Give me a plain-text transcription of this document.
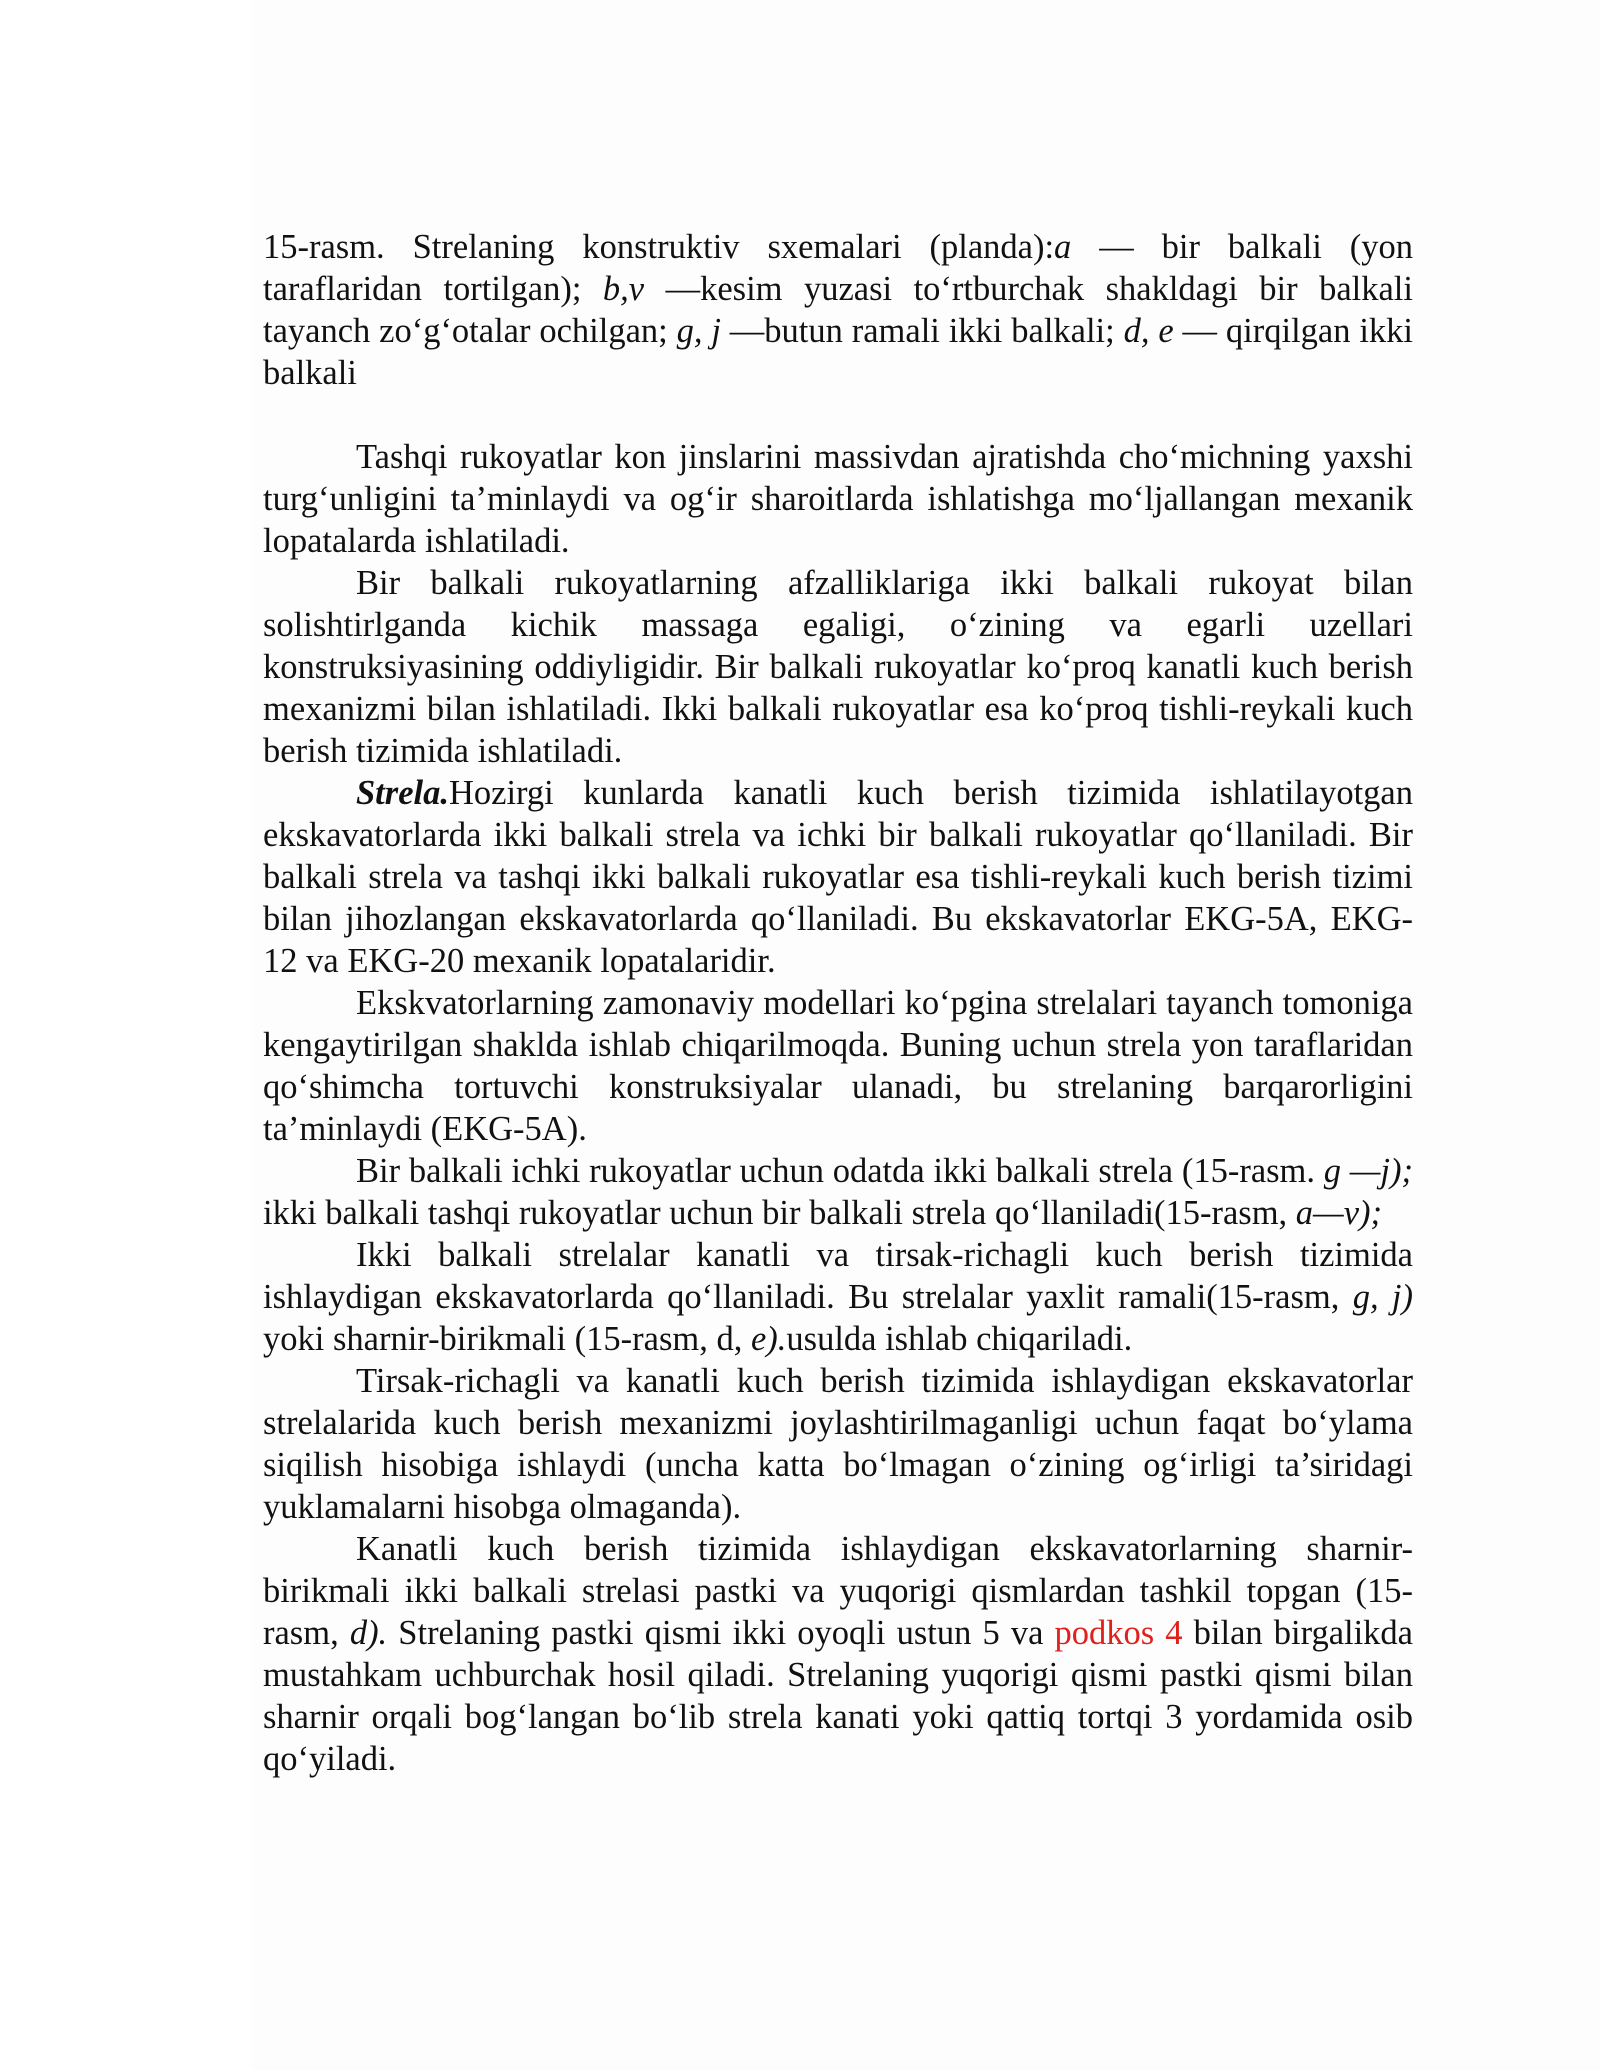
15-rasm. Strelaning konstruktiv sxemalari (planda):a — bir balkali (yon taraflaridan tortilgan); b,v —kesim yuzasi to‘rtburchak shakldagi bir balkali tayanch zo‘g‘otalar ochilgan; g, j —butun ramali ikki balkali; d, e — qirqilgan ikki balkali

Tashqi rukoyatlar kon jinslarini massivdan ajratishda cho‘michning yaxshi turg‘unligini ta’minlaydi va og‘ir sharoitlarda ishlatishga mo‘ljallangan mexanik lopatalarda ishlatiladi.

Bir balkali rukoyatlarning afzalliklariga ikki balkali rukoyat bilan solishtirlganda kichik massaga egaligi, o‘zining va egarli uzellari konstruksiyasining oddiyligidir. Bir balkali rukoyatlar ko‘proq kanatli kuch berish mexanizmi bilan ishlatiladi. Ikki balkali rukoyatlar esa ko‘proq tishli-reykali kuch berish tizimida ishlatiladi.

Strela.Hozirgi kunlarda kanatli kuch berish tizimida ishlatilayotgan ekskavatorlarda ikki balkali strela va ichki bir balkali rukoyatlar qo‘llaniladi. Bir balkali strela va tashqi ikki balkali rukoyatlar esa tishli-reykali kuch berish tizimi bilan jihozlangan ekskavatorlarda qo‘llaniladi. Bu ekskavatorlar EKG-5A, EKG-12 va EKG-20 mexanik lopatalaridir.

Ekskvatorlarning zamonaviy modellari ko‘pgina strelalari tayanch tomoniga kengaytirilgan shaklda ishlab chiqarilmoqda. Buning uchun strela yon taraflaridan qo‘shimcha tortuvchi konstruksiyalar ulanadi, bu strelaning barqarorligini ta’minlaydi (EKG-5A).

Bir balkali ichki rukoyatlar uchun odatda ikki balkali strela (15-rasm. g —j); ikki balkali tashqi rukoyatlar uchun bir balkali strela qo‘llaniladi(15-rasm, a—v);

Ikki balkali strelalar kanatli va tirsak-richagli kuch berish tizimida ishlaydigan ekskavatorlarda qo‘llaniladi. Bu strelalar yaxlit ramali(15-rasm, g, j) yoki sharnir-birikmali (15-rasm, d, e).usulda ishlab chiqariladi.

Tirsak-richagli va kanatli kuch berish tizimida ishlaydigan ekskavatorlar strelalarida kuch berish mexanizmi joylashtirilmaganligi uchun faqat bo‘ylama siqilish hisobiga ishlaydi (uncha katta bo‘lmagan o‘zining og‘irligi ta’siridagi yuklamalarni hisobga olmaganda).

Kanatli kuch berish tizimida ishlaydigan ekskavatorlarning sharnir-birikmali ikki balkali strelasi pastki va yuqorigi qismlardan tashkil topgan (15-rasm, d). Strelaning pastki qismi ikki oyoqli ustun 5 va podkos 4 bilan birgalikda mustahkam uchburchak hosil qiladi. Strelaning yuqorigi qismi pastki qismi bilan sharnir orqali bog‘langan bo‘lib strela kanati yoki qattiq tortqi 3 yordamida osib qo‘yiladi.
